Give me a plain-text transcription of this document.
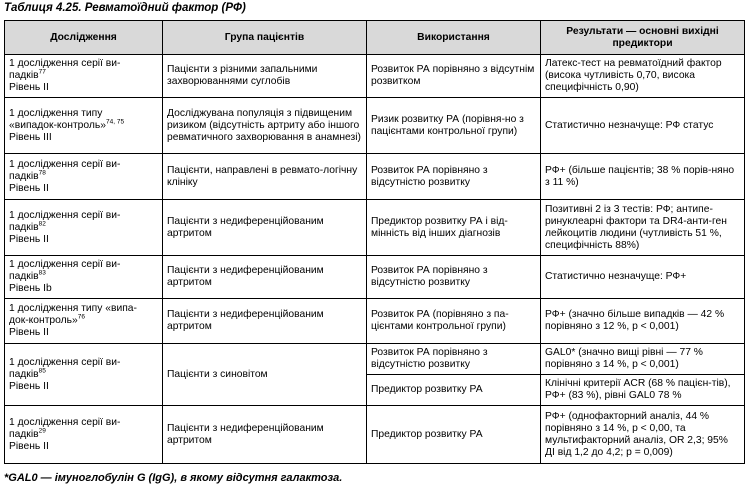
Таблиця 4.25. Ревматоїдний фактор (РФ)
Дослідження	Група пацієнтів	Використання	Результати — основні вихідні предиктори

1 дослідження серії ви-
падків$^{77}$
Рівень II	Пацієнти з різними запальними захворюваннями суглобів	Розвиток РА порівняно з відсутнім розвитком	Латекс-тест на ревматоїдний фактор (висока чутливість 0,70, висока специфічність 0,90)

1 дослідження типу
«випадок-контроль»$^{74, 75}$
Рівень III	Досліджувана популяція з підвищеним ризиком (відсутність артриту або іншого ревматичного захворювання в анамнезі)	Ризик розвитку РА (порівня-но з пацієнтами контрольної групи)	Статистично незначуще: РФ статус

1 дослідження серії ви-
падків$^{78}$
Рівень II	Пацієнти, направлені в ревмато-логічну клініку	Розвиток РА порівняно з відсутністю розвитку	РФ+ (більше пацієнтів; 38 % порів-няно з 11 %)

1 дослідження серії ви-
падків$^{82}$
Рівень II	Пацієнти з недиференційованим артритом	Предиктор розвитку РА і від-мінність від інших діагнозів	Позитивні 2 із 3 тестів: РФ; антипе-ринуклеарні фактори та DR4-анти-ген лейкоцитів людини (чутливість 51 %, специфічність 88%)

1 дослідження серії ви-
падків$^{83}$
Рівень Ib	Пацієнти з недиференційованим артритом	Розвиток РА порівняно з відсутністю розвитку	Статистично незначуще: РФ+

1 дослідження типу «випа-
док-контроль»$^{76}$
Рівень II	Пацієнти з недиференційованим артритом	Розвиток РА (порівняно з па-цієнтами контрольної групи)	РФ+ (значно більше випадків — 42 % порівняно з 12 %, p < 0,001)

1 дослідження серії ви-
падків$^{85}$
Рівень II	Пацієнти з синовітом	Розвиток РА порівняно з відсутністю розвитку	GAL0* (значно вищі рівні — 77 % порівняно з 14 %, p < 0,001)
		Предиктор розвитку РА	Клінічні критерії ACR (68 % пацієн-тів), РФ+ (83 %), рівні GAL0 78 %

1 дослідження серії ви-
падків$^{29}$
Рівень II	Пацієнти з недиференційованим артритом	Предиктор розвитку РА	РФ+ (однофакторний аналіз, 44 % порівняно з 14 %, p < 0,00, та мультифакторний аналіз, OR 2,3; 95% ДІ від 1,2 до 4,2; p = 0,009)
*GAL0 — імуноглобулін G (IgG), в якому відсутня галактоза.
